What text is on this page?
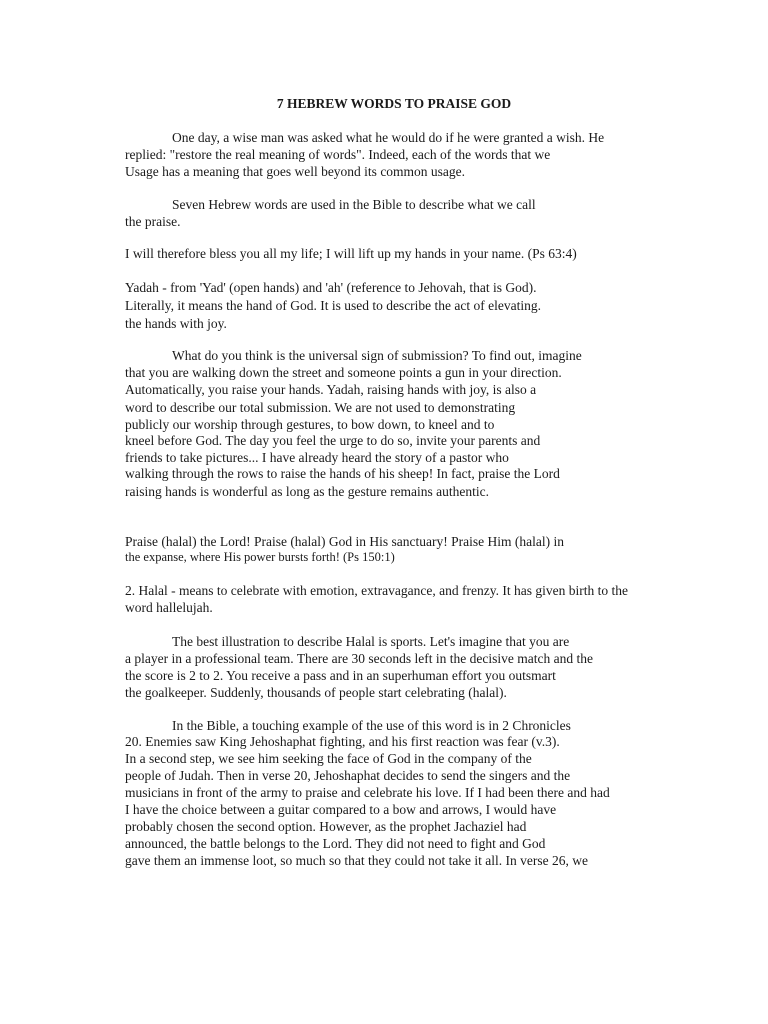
7 HEBREW WORDS TO PRAISE GOD
One day, a wise man was asked what he would do if he were granted a wish. He
replied: "restore the real meaning of words". Indeed, each of the words that we
Usage has a meaning that goes well beyond its common usage.
Seven Hebrew words are used in the Bible to describe what we call
the praise.
I will therefore bless you all my life; I will lift up my hands in your name. (Ps 63:4)
Yadah - from 'Yad' (open hands) and 'ah' (reference to Jehovah, that is God).
Literally, it means the hand of God. It is used to describe the act of elevating.
the hands with joy.
What do you think is the universal sign of submission? To find out, imagine
that you are walking down the street and someone points a gun in your direction.
Automatically, you raise your hands. Yadah, raising hands with joy, is also a
word to describe our total submission. We are not used to demonstrating
publicly our worship through gestures, to bow down, to kneel and to
kneel before God. The day you feel the urge to do so, invite your parents and
friends to take pictures... I have already heard the story of a pastor who
walking through the rows to raise the hands of his sheep! In fact, praise the Lord
raising hands is wonderful as long as the gesture remains authentic.
Praise (halal) the Lord! Praise (halal) God in His sanctuary! Praise Him (halal) in
the expanse, where His power bursts forth! (Ps 150:1)
2. Halal - means to celebrate with emotion, extravagance, and frenzy. It has given birth to the
word hallelujah.
The best illustration to describe Halal is sports. Let's imagine that you are
a player in a professional team. There are 30 seconds left in the decisive match and the
the score is 2 to 2. You receive a pass and in an superhuman effort you outsmart
the goalkeeper. Suddenly, thousands of people start celebrating (halal).
In the Bible, a touching example of the use of this word is in 2 Chronicles
20. Enemies saw King Jehoshaphat fighting, and his first reaction was fear (v.3).
In a second step, we see him seeking the face of God in the company of the
people of Judah. Then in verse 20, Jehoshaphat decides to send the singers and the
musicians in front of the army to praise and celebrate his love. If I had been there and had
I have the choice between a guitar compared to a bow and arrows, I would have
probably chosen the second option. However, as the prophet Jachaziel had
announced, the battle belongs to the Lord. They did not need to fight and God
gave them an immense loot, so much so that they could not take it all. In verse 26, we
